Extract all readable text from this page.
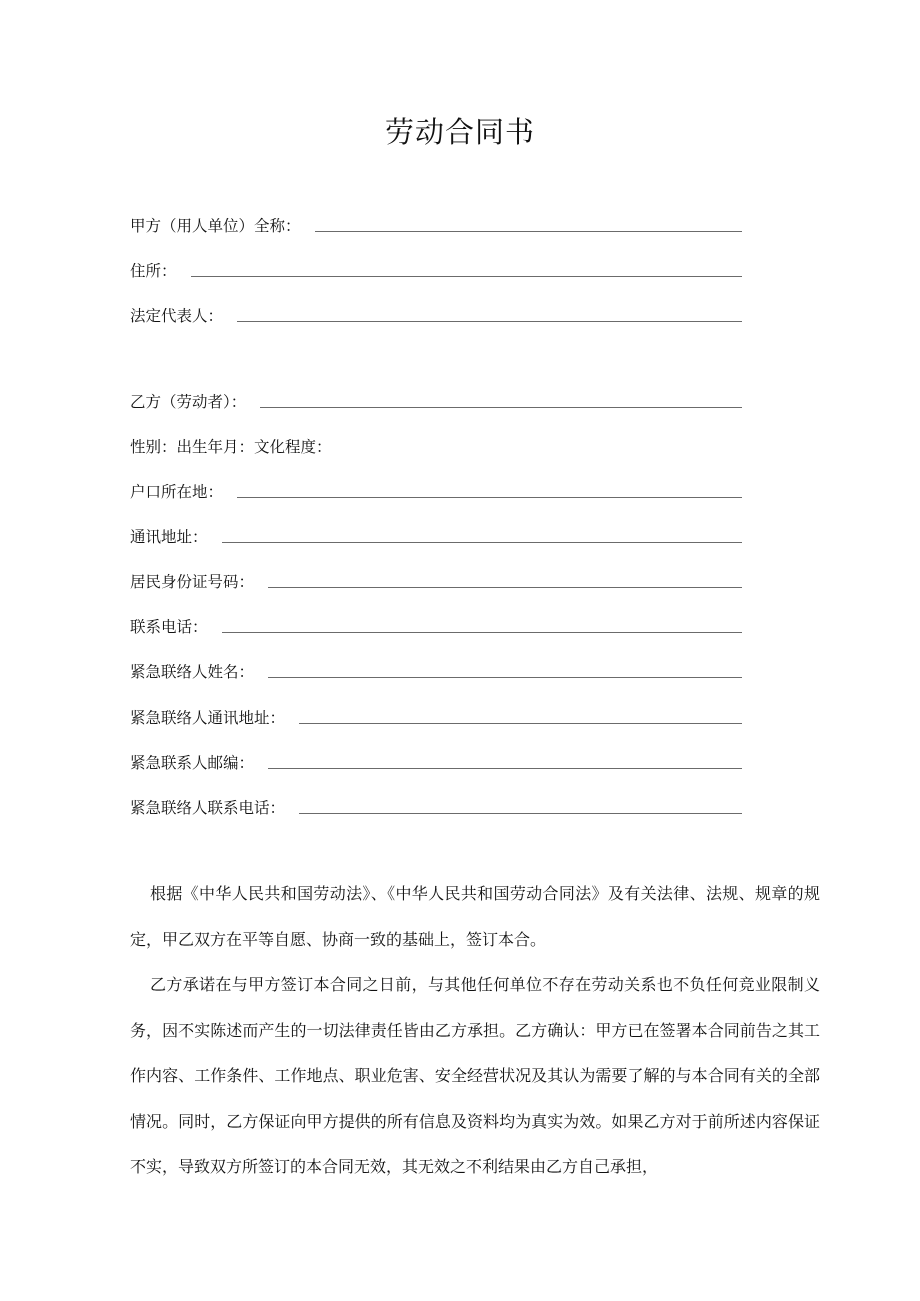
劳动合同书
甲方（用人单位）全称：
住所：
法定代表人：
乙方（劳动者）：
性别：出生年月：文化程度：
户口所在地：
通讯地址：
居民身份证号码：
联系电话：
紧急联络人姓名：
紧急联络人通讯地址：
紧急联系人邮编：
紧急联络人联系电话：

根据《中华人民共和国劳动法》、《中华人民共和国劳动合同法》及有关法律、法规、规章的规定，甲乙双方在平等自愿、协商一致的基础上，签订本合。

乙方承诺在与甲方签订本合同之日前，与其他任何单位不存在劳动关系也不负任何竞业限制义务，因不实陈述而产生的一切法律责任皆由乙方承担。乙方确认：甲方已在签署本合同前告之其工作内容、工作条件、工作地点、职业危害、安全经营状况及其认为需要了解的与本合同有关的全部情况。同时，乙方保证向甲方提供的所有信息及资料均为真实为效。如果乙方对于前所述内容保证不实，导致双方所签订的本合同无效，其无效之不利结果由乙方自己承担，
